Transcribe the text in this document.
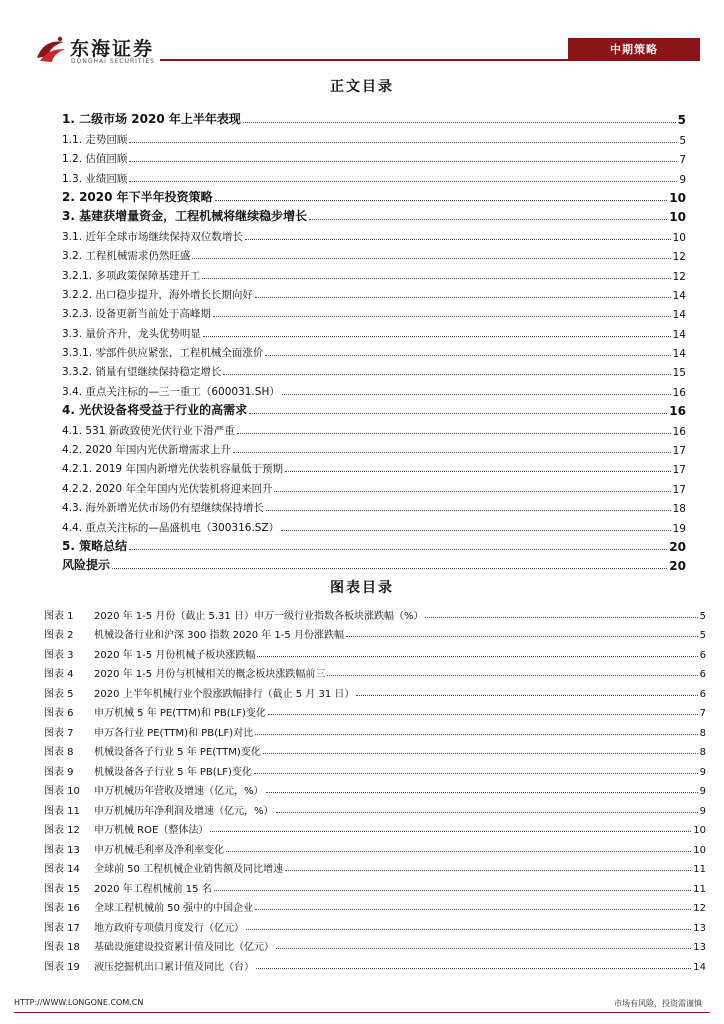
东海证券
DONGHAI SECURITIES
中期策略
正文目录
1. 二级市场 2020 年上半年表现	5
1.1. 走势回顾	5
1.2. 估值回顾	7
1.3. 业绩回顾	9
2. 2020 年下半年投资策略	10
3. 基建获增量资金，工程机械将继续稳步增长	10
3.1. 近年全球市场继续保持双位数增长	10
3.2. 工程机械需求仍然旺盛	12
3.2.1. 多项政策保障基建开工	12
3.2.2. 出口稳步提升，海外增长长期向好	14
3.2.3. 设备更新当前处于高峰期	14
3.3. 量价齐升，龙头优势明显	14
3.3.1. 零部件供应紧张，工程机械全面涨价	14
3.3.2. 销量有望继续保持稳定增长	15
3.4. 重点关注标的—三一重工（600031.SH）	16
4. 光伏设备将受益于行业的高需求	16
4.1. 531 新政致使光伏行业下滑严重	16
4.2. 2020 年国内光伏新增需求上升	17
4.2.1. 2019 年国内新增光伏装机容量低于预期	17
4.2.2. 2020 年全年国内光伏装机将迎来回升	17
4.3. 海外新增光伏市场仍有望继续保持增长	18
4.4. 重点关注标的—晶盛机电（300316.SZ）	19
5. 策略总结	20
风险提示	20
图表目录
图表 1	2020 年 1-5 月份（截止 5.31 日）申万一级行业指数各板块涨跌幅（%）	5
图表 2	机械设备行业和沪深 300 指数 2020 年 1-5 月份涨跌幅	5
图表 3	2020 年 1-5 月份机械子板块涨跌幅	6
图表 4	2020 年 1-5 月份与机械相关的概念板块涨跌幅前三	6
图表 5	2020 上半年机械行业个股涨跌幅排行（截止 5 月 31 日）	6
图表 6	申万机械 5 年 PE(TTM)和 PB(LF)变化	7
图表 7	申万各行业 PE(TTM)和 PB(LF)对比	8
图表 8	机械设备各子行业 5 年 PE(TTM)变化	8
图表 9	机械设备各子行业 5 年 PB(LF)变化	9
图表 10	申万机械历年营收及增速（亿元，%）	9
图表 11	申万机械历年净利润及增速（亿元，%）	9
图表 12	申万机械 ROE（整体法）	10
图表 13	申万机械毛利率及净利率变化	10
图表 14	全球前 50 工程机械企业销售额及同比增速	11
图表 15	2020 年工程机械前 15 名	11
图表 16	全球工程机械前 50 强中的中国企业	12
图表 17	地方政府专项债月度发行（亿元）	13
图表 18	基础设施建设投资累计值及同比（亿元）	13
图表 19	液压挖掘机出口累计值及同比（台）	14
HTTP://WWW.LONGONE.COM.CN	市场有风险，投资需谨慎
